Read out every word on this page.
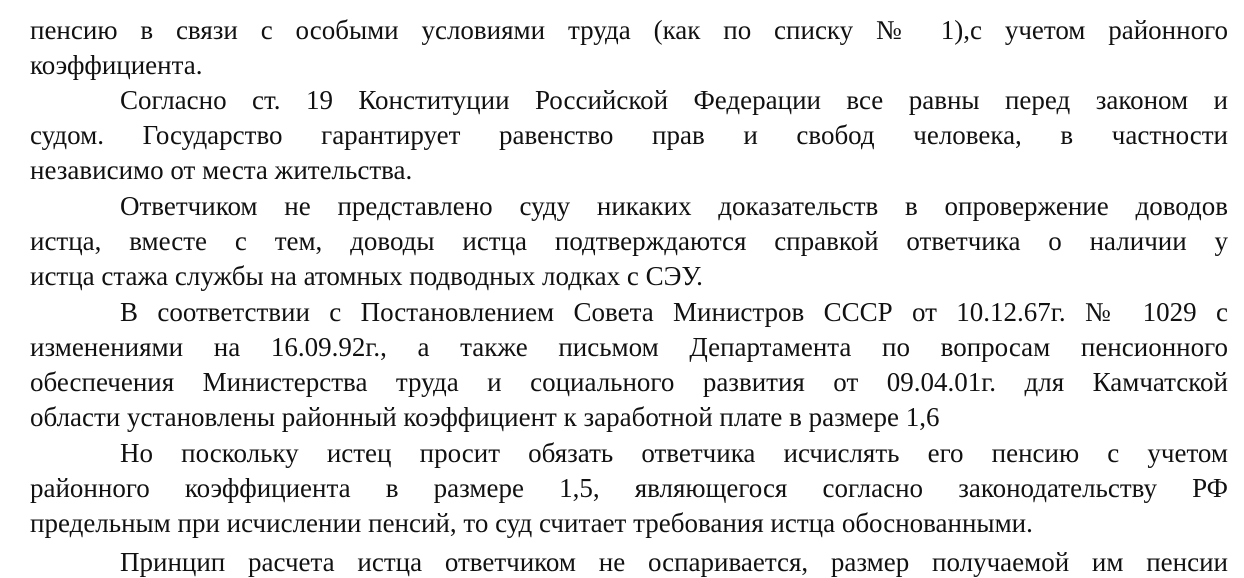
пенсию в связи с особыми условиями труда (как по списку № 1),с учетом районного
коэффициента.
Согласно ст. 19 Конституции Российской Федерации все равны перед законом и
судом. Государство гарантирует равенство прав и свобод человека, в частности
независимо от места жительства.
Ответчиком не представлено суду никаких доказательств в опровержение доводов
истца, вместе с тем, доводы истца подтверждаются справкой ответчика о наличии у
истца стажа службы на атомных подводных лодках с СЭУ.
В соответствии с Постановлением Совета Министров СССР от 10.12.67г. № 1029 с
изменениями на 16.09.92г., а также письмом Департамента по вопросам пенсионного
обеспечения Министерства труда и социального развития от 09.04.01г. для Камчатской
области установлены районный коэффициент к заработной плате в размере 1,6
Но поскольку истец просит обязать ответчика исчислять его пенсию с учетом
районного коэффициента в размере 1,5, являющегося согласно законодательству РФ
предельным при исчислении пенсий, то суд считает требования истца обоснованными.
Принцип расчета истца ответчиком не оспаривается, размер получаемой им пенсии
